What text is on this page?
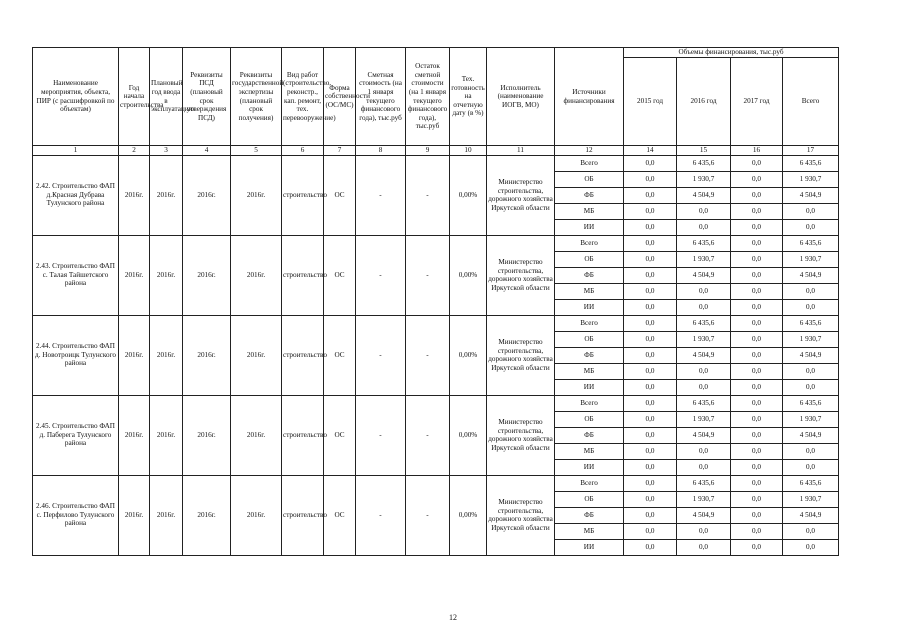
Наименование мероприятия, объекта, ПИР (с расшифровкой по объектам)	Год начала строительства	Плановый год ввода в эксплуатацию	Реквизиты ПСД (плановый срок утверждения ПСД)	Реквизиты государственной экспертизы (плановый срок получения)	Вид работ (строительство, реконстр., кап. ремонт, тех. перевооружение)	Форма собственности (ОС/МС)	Сметная стоимость (на 1 января текущего финансового года), тыс.руб	Остаток сметной стоимости (на 1 января текущего финансового года), тыс.руб	Тех. готовность на отчетную дату (в %)	Исполнитель (наименование ИОГВ, МО)	Источники финансирования	Объемы финансирования, тыс.руб			
												2015 год	2016 год	2017 год	Всего
1	2	3	4	5	6	7	8	9	10	11	12	14	15	16	17
2.42. Строительство ФАП д.Красная Дубрава Тулунского района	2016г.	2016г.	2016г.	2016г.	строительство	ОС	-	-	0,00%	Министерство строительства, дорожного хозяйства Иркутской области	Всего	0,0	6 435,6	0,0	6 435,6
											ОБ	0,0	1 930,7	0,0	1 930,7
											ФБ	0,0	4 504,9	0,0	4 504,9
											МБ	0,0	0,0	0,0	0,0
											ИИ	0,0	0,0	0,0	0,0
2.43. Строительство ФАП с. Талая Тайшетского района	2016г.	2016г.	2016г.	2016г.	строительство	ОС	-	-	0,00%	Министерство строительства, дорожного хозяйства Иркутской области	Всего	0,0	6 435,6	0,0	6 435,6
											ОБ	0,0	1 930,7	0,0	1 930,7
											ФБ	0,0	4 504,9	0,0	4 504,9
											МБ	0,0	0,0	0,0	0,0
											ИИ	0,0	0,0	0,0	0,0
2.44. Строительство ФАП д. Новотроицк Тулунского района	2016г.	2016г.	2016г.	2016г.	строительство	ОС	-	-	0,00%	Министерство строительства, дорожного хозяйства Иркутской области	Всего	0,0	6 435,6	0,0	6 435,6
											ОБ	0,0	1 930,7	0,0	1 930,7
											ФБ	0,0	4 504,9	0,0	4 504,9
											МБ	0,0	0,0	0,0	0,0
											ИИ	0,0	0,0	0,0	0,0
2.45. Строительство ФАП д. Паберега Тулунского района	2016г.	2016г.	2016г.	2016г.	строительство	ОС	-	-	0,00%	Министерство строительства, дорожного хозяйства Иркутской области	Всего	0,0	6 435,6	0,0	6 435,6
											ОБ	0,0	1 930,7	0,0	1 930,7
											ФБ	0,0	4 504,9	0,0	4 504,9
											МБ	0,0	0,0	0,0	0,0
											ИИ	0,0	0,0	0,0	0,0
2.46. Строительство ФАП с. Перфилово Тулунского района	2016г.	2016г.	2016г.	2016г.	строительство	ОС	-	-	0,00%	Министерство строительства, дорожного хозяйства Иркутской области	Всего	0,0	6 435,6	0,0	6 435,6
											ОБ	0,0	1 930,7	0,0	1 930,7
											ФБ	0,0	4 504,9	0,0	4 504,9
											МБ	0,0	0,0	0,0	0,0
											ИИ	0,0	0,0	0,0	0,0
12
